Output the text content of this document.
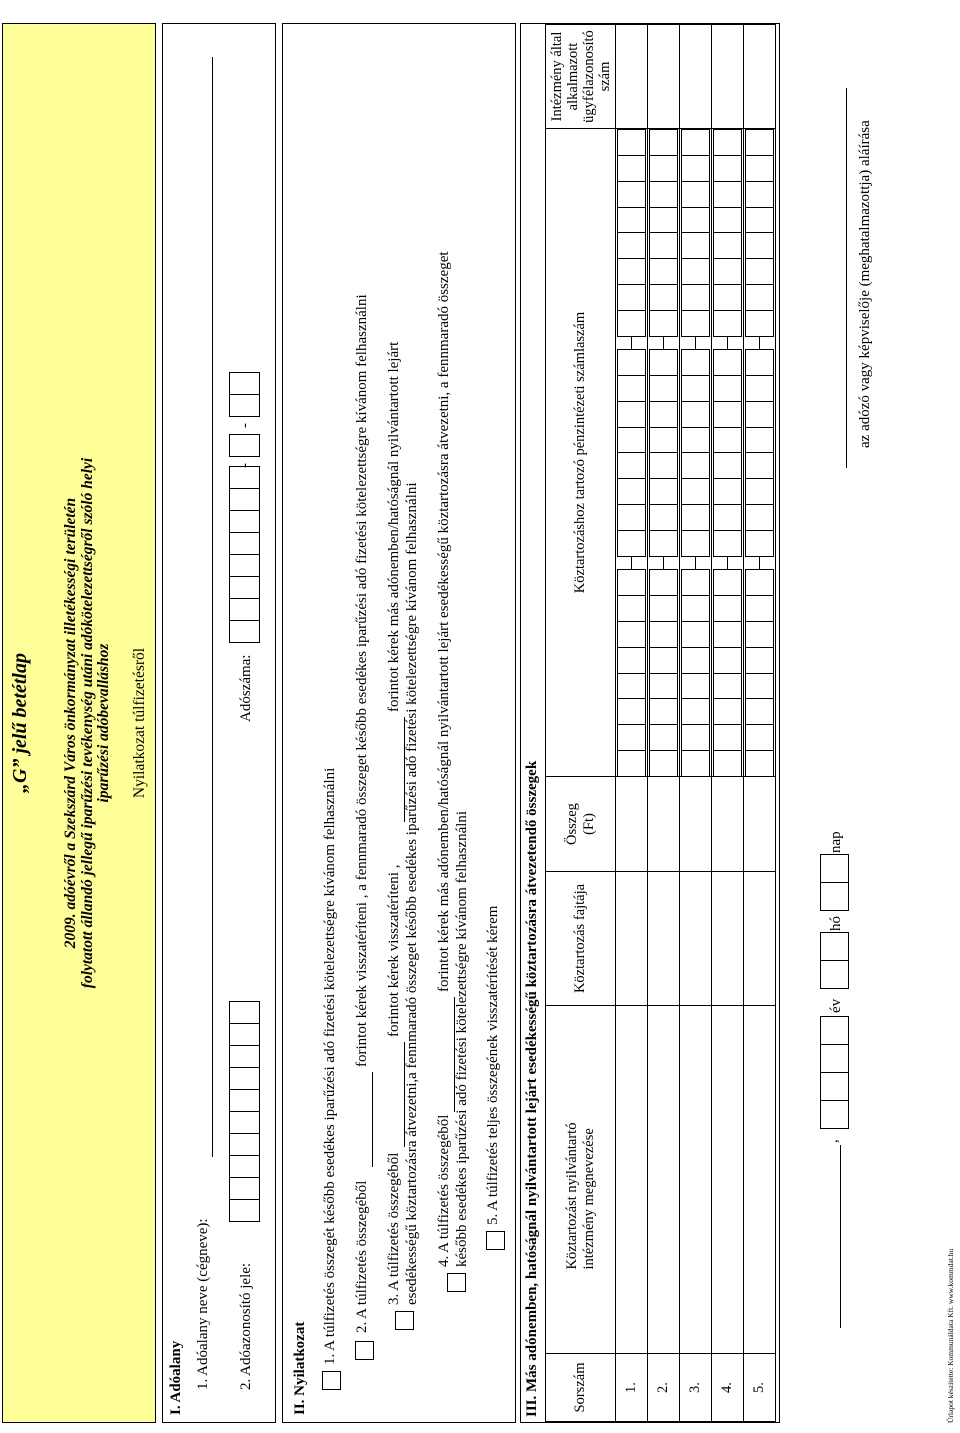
„G” jelű betétlap 2009. adóévről a Szekszárd Város önkormányzat illetékességi területén folytatott állandó jellegű iparűzési tevékenység utáni adókötelezettségről szóló helyi iparűzési adóbevalláshoz Nyilatkozat túlfizetésről
I. Adóalany 1. Adóalany neve (cégneve): 2. Adóazonosító jele:
Adószáma:
-
-
II. Nyilatkozat
1. A túlfizetés összegét később esedékes iparűzési adó fizetési kötelezettségre kívánom felhasználni 2. A túlfizetés összegéből
forintot kérek visszatéríteni , a fennmaradó összeget később esedékes iparűzési adó fizetési kötelezettségre kívánom felhasználni
3. A túlfizetés összegéből
forintot kérek visszatéríteni ,
forintot kérek más adónemben/hatóságnál nyilvántartott lejárt esedékességű köztartozásra átvezetni,a fennmaradó összeget később esedékes iparűzési adó fizetési kötelezettségre kívánom felhasználni 4. A túlfizetés összegéből
forintot kérek más adónemben/hatóságnál nyilvántartott lejárt esedékességű köztartozásra átvezetni, a fennmaradó összeget
később esedékes iparűzési adó fizetési kötelezettségre kívánom felhasználni 5. A túlfizetés teljes összegének visszatérítését kérem III. Más adónemben, hatóságnál nyilvántartott lejárt esedékességű köztartozásra átvezetendő összegek Sorszám	Köztartozást nyilvántartó intézmény megnevezése	Köztartozás fajtája	Összeg (Ft)	Köztartozáshoz tartozó pénzintézeti számlaszám	Intézmény által alkalmazott ügyfélazonosító szám
1.				

2.				

3.				

4.				

5.				

,
év
hó
nap
az adózó vagy képviselője (meghatalmazottja) aláírása
Űrlapot készítette: Kommunáldata Kft. www.kommdat.hu
